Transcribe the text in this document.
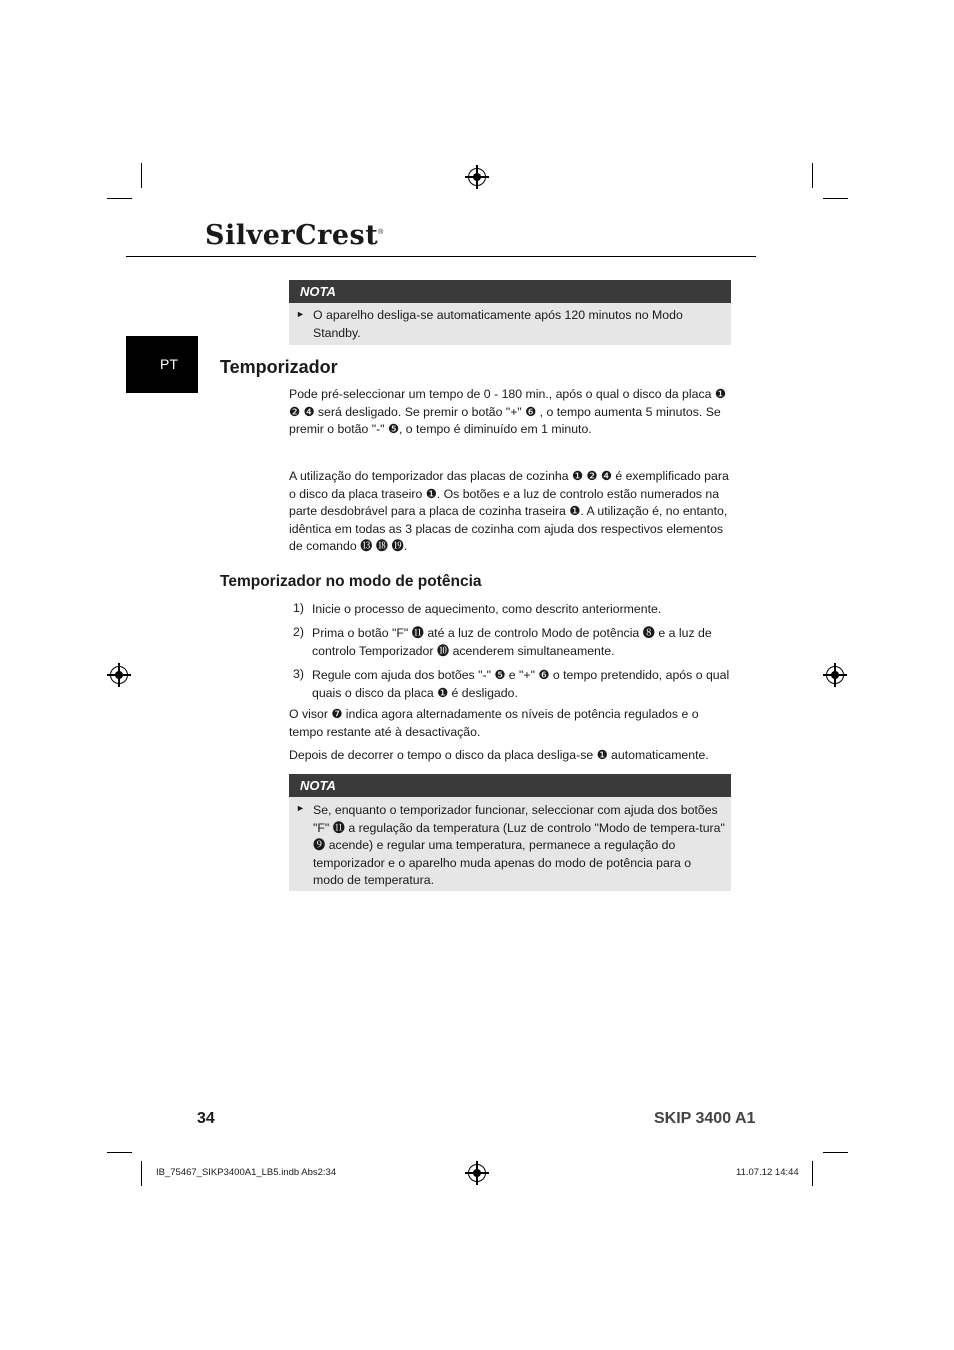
SilverCrest®
PT
NOTA
► O aparelho desliga-se automaticamente após 120 minutos no Modo Standby.
Temporizador
Pode pré-seleccionar um tempo de 0 - 180 min., após o qual o disco da placa ❶ ❷ ❹ será desligado. Se premir o botão "+" ❻ , o tempo aumenta 5 minutos. Se premir o botão "-" ❺, o tempo é diminuído em 1 minuto.
A utilização do temporizador das placas de cozinha ❶ ❷ ❹ é exemplificado para o disco da placa traseiro ❶. Os botões e a luz de controlo estão numerados na parte desdobrável para a placa de cozinha traseira ❶. A utilização é, no entanto, idêntica em todas as 3 placas de cozinha com ajuda dos respectivos elementos de comando ⓭ ⓲ ⓳.
Temporizador no modo de potência
1) Inicie o processo de aquecimento, como descrito anteriormente.
2) Prima o botão "F" ⓫ até a luz de controlo Modo de potência ❽ e a luz de controlo Temporizador ❿ acenderem simultaneamente.
3) Regule com ajuda dos botões "-" ❺ e "+" ❻ o tempo pretendido, após o qual quais o disco da placa ❶ é desligado.
O visor ❼ indica agora alternadamente os níveis de potência regulados e o tempo restante até à desactivação.
Depois de decorrer o tempo o disco da placa desliga-se ❶ automaticamente.
NOTA
► Se, enquanto o temporizador funcionar, seleccionar com ajuda dos botões "F" ⓫ a regulação da temperatura (Luz de controlo "Modo de tempera-tura" ❾ acende) e regular uma temperatura, permanece a regulação do temporizador e o aparelho muda apenas do modo de potência para o modo de temperatura.
34	SKIP 3400 A1
IB_75467_SIKP3400A1_LB5.indb Abs2:34	11.07.12 14:44
